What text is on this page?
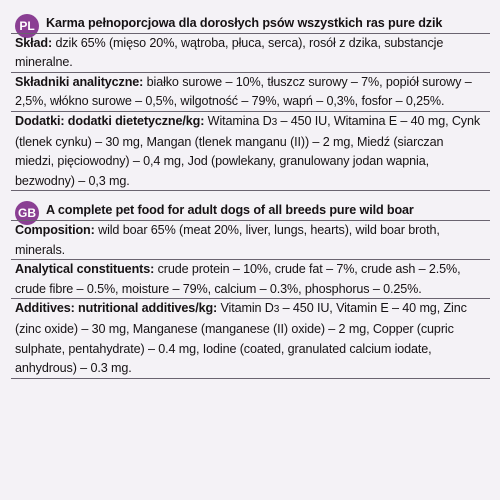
PL Karma pełnoporcjowa dla dorosłych psów wszystkich ras pure dzik
Skład: dzik 65% (mięso 20%, wątroba, płuca, serca), rosół z dzika, substancje mineralne.
Składniki analityczne: białko surowe – 10%, tłuszcz surowy – 7%, popiół surowy – 2,5%, włókno surowe – 0,5%, wilgotność – 79%, wapń – 0,3%, fosfor – 0,25%.
Dodatki: dodatki dietetyczne/kg: Witamina D3 – 450 IU, Witamina E – 40 mg, Cynk (tlenek cynku) – 30 mg, Mangan (tlenek manganu (II)) – 2 mg, Miedź (siarczan miedzi, pięciowodny) – 0,4 mg, Jod (powlekany, granulowany jodan wapnia, bezwodny) – 0,3 mg.
GB A complete pet food for adult dogs of all breeds pure wild boar
Composition: wild boar 65% (meat 20%, liver, lungs, hearts), wild boar broth, minerals.
Analytical constituents: crude protein – 10%, crude fat – 7%, crude ash – 2.5%, crude fibre – 0.5%, moisture – 79%, calcium – 0.3%, phosphorus – 0.25%.
Additives: nutritional additives/kg: Vitamin D3 – 450 IU, Vitamin E – 40 mg, Zinc (zinc oxide) – 30 mg, Manganese (manganese (II) oxide) – 2 mg, Copper (cupric sulphate, pentahydrate) – 0.4 mg, Iodine (coated, granulated calcium iodate, anhydrous) – 0.3 mg.
